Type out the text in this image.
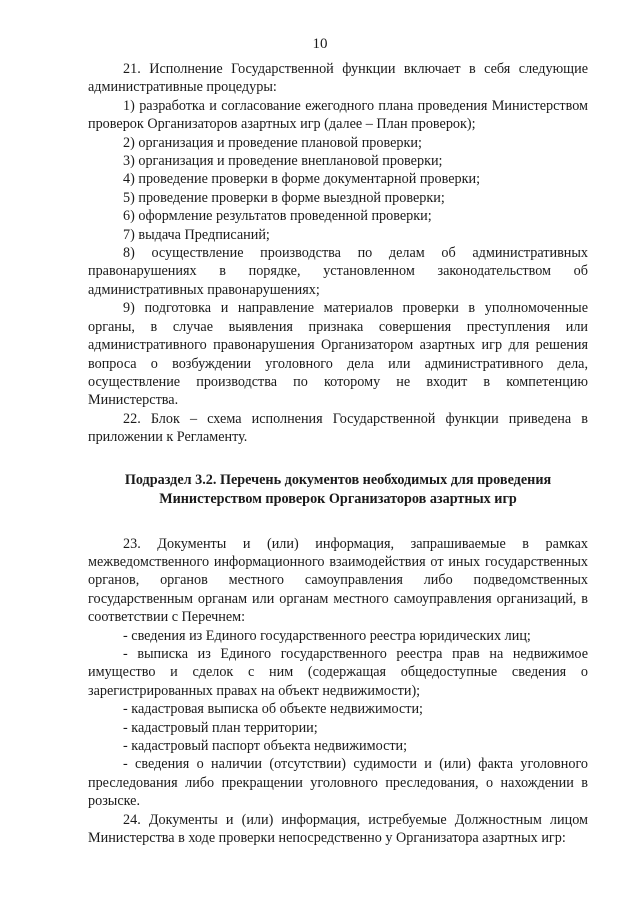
10

21. Исполнение Государственной функции включает в себя следующие административные процедуры:

1) разработка и согласование ежегодного плана проведения Министерством проверок Организаторов азартных игр (далее – План проверок);

2) организация и проведение плановой проверки;

3) организация и проведение внеплановой проверки;

4) проведение проверки в форме документарной проверки;

5) проведение проверки в форме выездной проверки;

6) оформление результатов проведенной проверки;

7) выдача Предписаний;

8) осуществление производства по делам об административных правонарушениях в порядке, установленном законодательством об административных правонарушениях;

9) подготовка и направление материалов проверки в уполномоченные органы, в случае выявления признака совершения преступления или административного правонарушения Организатором азартных игр для решения вопроса о возбуждении уголовного дела или административного дела, осуществление производства по которому не входит в компетенцию Министерства.

22. Блок – схема исполнения Государственной функции приведена в приложении к Регламенту.

Подраздел 3.2. Перечень документов необходимых для проведения

Министерством проверок Организаторов азартных игр

23. Документы и (или) информация, запрашиваемые в рамках межведомственного информационного взаимодействия от иных государственных органов, органов местного самоуправления либо подведомственных государственным органам или органам местного самоуправления организаций, в соответствии с Перечнем:

- сведения из Единого государственного реестра юридических лиц;

- выписка из Единого государственного реестра прав на недвижимое имущество и сделок с ним (содержащая общедоступные сведения о зарегистрированных правах на объект недвижимости);

- кадастровая выписка об объекте недвижимости;

- кадастровый план территории;

- кадастровый паспорт объекта недвижимости;

- сведения о наличии (отсутствии) судимости и (или) факта уголовного преследования либо прекращении уголовного преследования, о нахождении в розыске.

24. Документы и (или) информация, истребуемые Должностным лицом Министерства в ходе проверки непосредственно у Организатора азартных игр:
